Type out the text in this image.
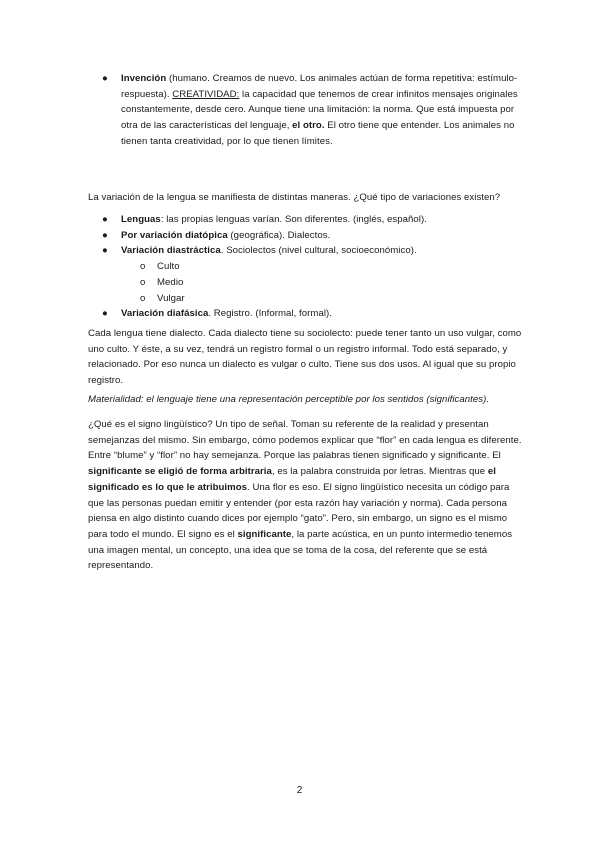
● Invención (humano. Creamos de nuevo. Los animales actúan de forma repetitiva: estímulo-respuesta). CREATIVIDAD: la capacidad que tenemos de crear infinitos mensajes originales constantemente, desde cero. Aunque tiene una limitación: la norma. Que está impuesta por otra de las características del lenguaje, el otro. El otro tiene que entender. Los animales no tienen tanta creatividad, por lo que tienen límites.
La variación de la lengua se manifiesta de distintas maneras. ¿Qué tipo de variaciones existen?
● Lenguas: las propias lenguas varían. Son diferentes. (inglés, español).
● Por variación diatópica (geográfica). Dialectos.
● Variación diastráctica. Sociolectos (nivel cultural, socioeconómico).
o Culto
o Medio
o Vulgar
● Variación diafásica. Registro. (Informal, formal).
Cada lengua tiene dialecto. Cada dialecto tiene su sociolecto: puede tener tanto un uso vulgar, como uno culto. Y éste, a su vez, tendrá un registro formal o un registro informal. Todo está separado, y relacionado. Por eso nunca un dialecto es vulgar o culto. Tiene sus dos usos. Al igual que su propio registro.
Materialidad: el lenguaje tiene una representación perceptible por los sentidos (significantes).
¿Qué es el signo lingüístico? Un tipo de señal. Toman su referente de la realidad y presentan semejanzas del mismo. Sin embargo, cómo podemos explicar que “flor” en cada lengua es diferente. Entre “blume” y “flor” no hay semejanza. Porque las palabras tienen significado y significante. El significante se eligió de forma arbitraria, es la palabra construida por letras. Mientras que el significado es lo que le atribuimos. Una flor es eso. El signo lingüístico necesita un código para que las personas puedan emitir y entender (por esta razón hay variación y norma). Cada persona piensa en algo distinto cuando dices por ejemplo “gato”. Pero, sin embargo, un signo es el mismo para todo el mundo. El signo es el significante, la parte acústica, en un punto intermedio tenemos una imagen mental, un concepto, una idea que se toma de la cosa, del referente que se está representando.
2
